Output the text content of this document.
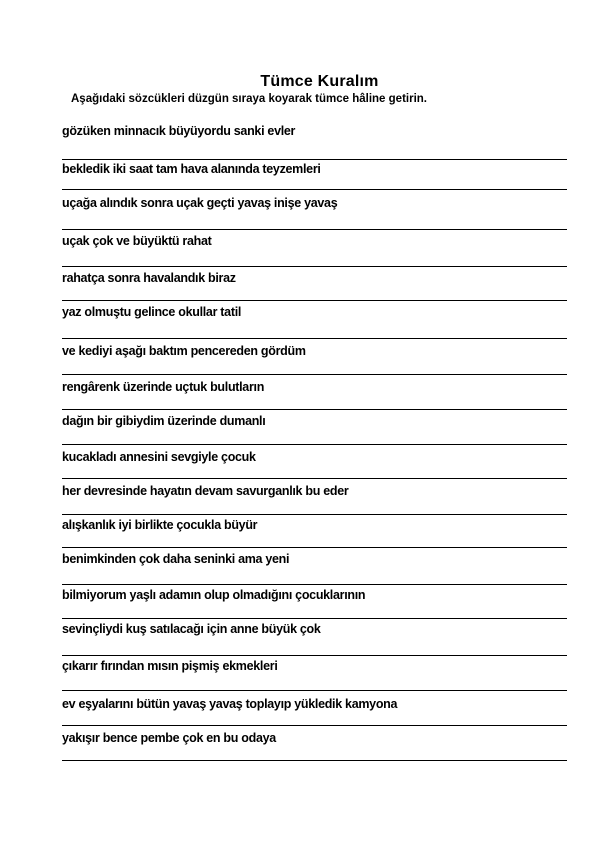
Tümce Kuralım
Aşağıdaki sözcükleri düzgün sıraya koyarak tümce hâline getirin.
gözüken minnacık büyüyordu sanki evler
bekledik iki saat tam hava alanında teyzemleri
uçağa alındık sonra uçak geçti yavaş inişe yavaş
uçak çok ve büyüktü rahat
rahatça sonra havalandık biraz
yaz olmuştu gelince okullar tatil
ve kediyi aşağı baktım pencereden gördüm
rengârenk üzerinde uçtuk bulutların
dağın bir gibiydim üzerinde dumanlı
kucakladı annesini sevgiyle çocuk
her devresinde hayatın devam savurganlık bu eder
alışkanlık iyi birlikte çocukla büyür
benimkinden çok daha seninki ama yeni
bilmiyorum yaşlı adamın olup olmadığını çocuklarının
sevinçliydi kuş satılacağı için anne büyük çok
çıkarır fırından mısın pişmiş ekmekleri
ev eşyalarını bütün yavaş yavaş toplayıp yükledik kamyona
yakışır bence pembe çok en bu odaya
